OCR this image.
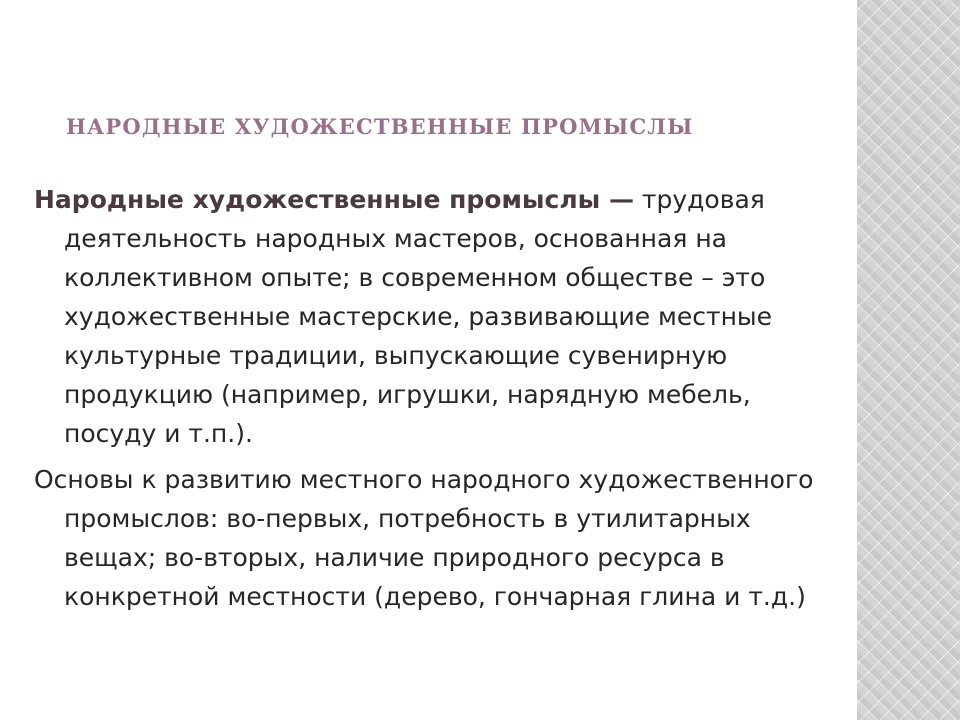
НАРОДНЫЕ ХУДОЖЕСТВЕННЫЕ ПРОМЫСЛЫ

Народные художественные промыслы — трудовая деятельность народных мастеров, основанная на коллективном опыте; в современном обществе – это художественные мастерские, развивающие местные культурные традиции, выпускающие сувенирную продукцию (например, игрушки, нарядную мебель, посуду и т.п.).

Основы к развитию местного народного художественного промыслов: во-первых, потребность в утилитарных вещах; во-вторых, наличие природного ресурса в конкретной местности (дерево, гончарная глина и т.д.)
